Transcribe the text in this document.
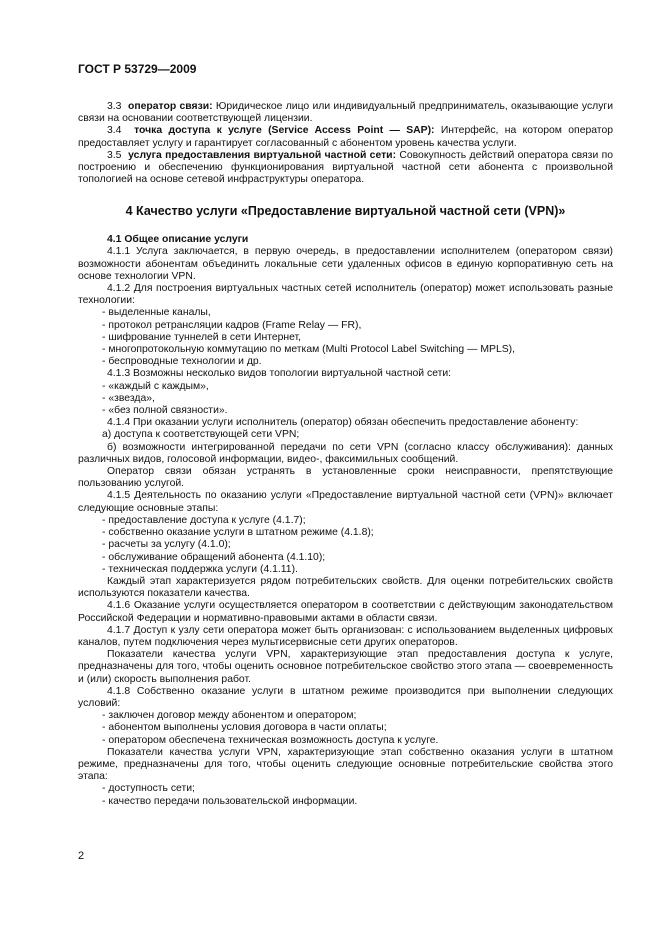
ГОСТ Р 53729—2009

3.3 оператор связи: Юридическое лицо или индивидуальный предприниматель, оказывающие услуги связи на основании соответствующей лицензии.

3.4 точка доступа к услуге (Service Access Point — SAP): Интерфейс, на котором оператор предоставляет услугу и гарантирует согласованный с абонентом уровень качества услуги.

3.5 услуга предоставления виртуальной частной сети: Совокупность действий оператора связи по построению и обеспечению функционирования виртуальной частной сети абонента с произвольной топологией на основе сетевой инфраструктуры оператора.

4 Качество услуги «Предоставление виртуальной частной сети (VPN)»
4.1 Общее описание услуги

4.1.1 Услуга заключается, в первую очередь, в предоставлении исполнителем (оператором связи) возможности абонентам объединить локальные сети удаленных офисов в единую корпоративную сеть на основе технологии VPN.

4.1.2 Для построения виртуальных частных сетей исполнитель (оператор) может использовать разные технологии:

- выделенные каналы,

- протокол ретрансляции кадров (Frame Relay — FR),

- шифрование туннелей в сети Интернет,

- многопротокольную коммутацию по меткам (Multi Protocol Label Switching — MPLS),

- беспроводные технологии и др.

4.1.3 Возможны несколько видов топологии виртуальной частной сети:

- «каждый с каждым»,

- «звезда»,

- «без полной связности».

4.1.4 При оказании услуги исполнитель (оператор) обязан обеспечить предоставление абоненту:

а) доступа к соответствующей сети VPN;

б) возможности интегрированной передачи по сети VPN (согласно классу обслуживания): данных различных видов, голосовой информации, видео-, факсимильных сообщений.

Оператор связи обязан устранять в установленные сроки неисправности, препятствующие пользованию услугой.

4.1.5 Деятельность по оказанию услуги «Предоставление виртуальной частной сети (VPN)» включает следующие основные этапы:

- предоставление доступа к услуге (4.1.7);

- собственно оказание услуги в штатном режиме (4.1.8);

- расчеты за услугу (4.1.0);

- обслуживание обращений абонента (4.1.10);

- техническая поддержка услуги (4.1.11).

Каждый этап характеризуется рядом потребительских свойств. Для оценки потребительских свойств используются показатели качества.

4.1.6 Оказание услуги осуществляется оператором в соответствии с действующим законодательством Российской Федерации и нормативно-правовыми актами в области связи.

4.1.7 Доступ к узлу сети оператора может быть организован: с использованием выделенных цифровых каналов, путем подключения через мультисервисные сети других операторов.

Показатели качества услуги VPN, характеризующие этап предоставления доступа к услуге, предназначены для того, чтобы оценить основное потребительское свойство этого этапа — своевременность и (или) скорость выполнения работ.

4.1.8 Собственно оказание услуги в штатном режиме производится при выполнении следующих условий:

- заключен договор между абонентом и оператором;

- абонентом выполнены условия договора в части оплаты;

- оператором обеспечена техническая возможность доступа к услуге.

Показатели качества услуги VPN, характеризующие этап собственно оказания услуги в штатном режиме, предназначены для того, чтобы оценить следующие основные потребительские свойства этого этапа:

- доступность сети;

- качество передачи пользовательской информации.

2
